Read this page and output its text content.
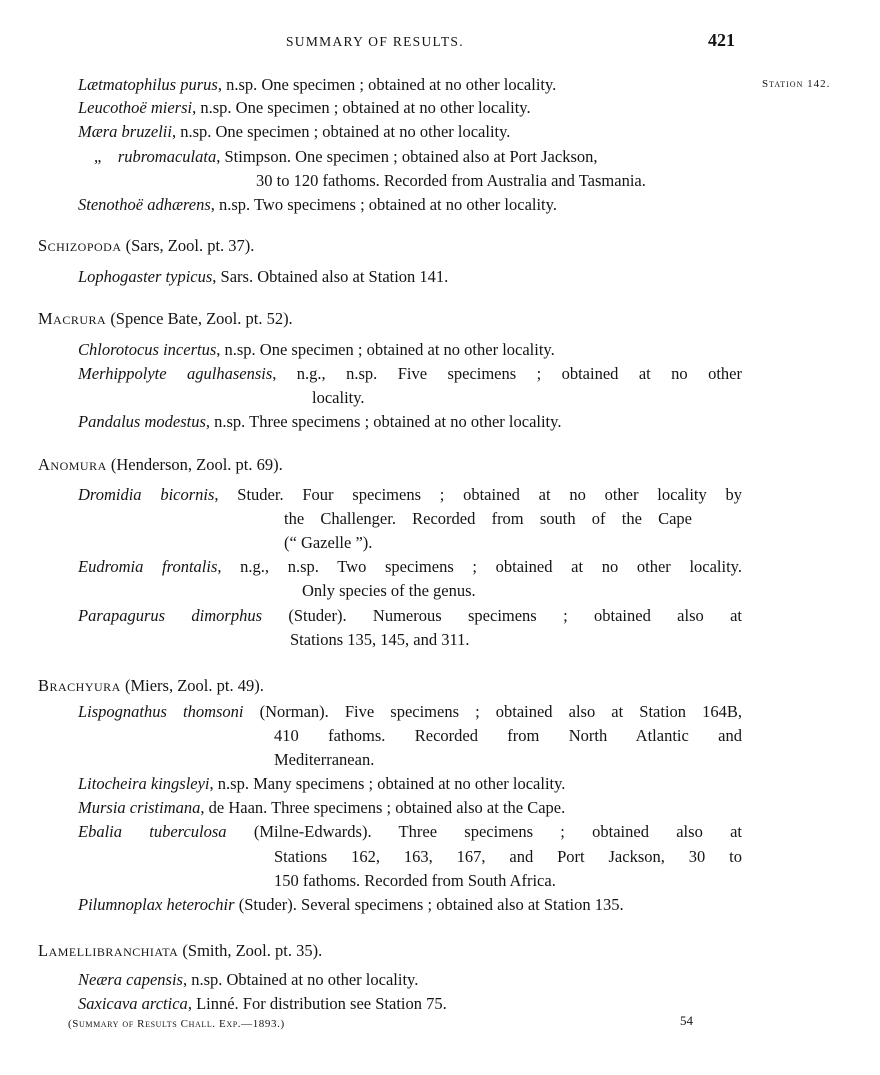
SUMMARY OF RESULTS.	421
Station 142.
Lætmatophilus purus, n.sp. One specimen ; obtained at no other locality.
Leucothoë miersi, n.sp. One specimen ; obtained at no other locality.
Mæra bruzelii, n.sp. One specimen ; obtained at no other locality.
„ rubromaculata, Stimpson. One specimen ; obtained also at Port Jackson,
30 to 120 fathoms. Recorded from Australia and Tasmania.
Stenothoë adhærens, n.sp. Two specimens ; obtained at no other locality.
Schizopoda (Sars, Zool. pt. 37).
Lophogaster typicus, Sars. Obtained also at Station 141.
Macrura (Spence Bate, Zool. pt. 52).
Chlorotocus incertus, n.sp. One specimen ; obtained at no other locality.
Merhippolyte agulhasensis, n.g., n.sp. Five specimens ; obtained at no other
locality.
Pandalus modestus, n.sp. Three specimens ; obtained at no other locality.
Anomura (Henderson, Zool. pt. 69).
Dromidia bicornis, Studer. Four specimens ; obtained at no other locality by
the Challenger. Recorded from south of the Cape
(“ Gazelle ”).
Eudromia frontalis, n.g., n.sp. Two specimens ; obtained at no other locality.
Only species of the genus.
Parapagurus dimorphus (Studer). Numerous specimens ; obtained also at
Stations 135, 145, and 311.
Brachyura (Miers, Zool. pt. 49).
Lispognathus thomsoni (Norman). Five specimens ; obtained also at Station 164B,
410 fathoms. Recorded from North Atlantic and
Mediterranean.
Litocheira kingsleyi, n.sp. Many specimens ; obtained at no other locality.
Mursia cristimana, de Haan. Three specimens ; obtained also at the Cape.
Ebalia tuberculosa (Milne-Edwards). Three specimens ; obtained also at
Stations 162, 163, 167, and Port Jackson, 30 to
150 fathoms. Recorded from South Africa.
Pilumnoplax heterochir (Studer). Several specimens ; obtained also at Station 135.
Lamellibranchiata (Smith, Zool. pt. 35).
Neæra capensis, n.sp. Obtained at no other locality.
Saxicava arctica, Linné. For distribution see Station 75.
(Summary of Results Chall. Exp.—1893.)	54
